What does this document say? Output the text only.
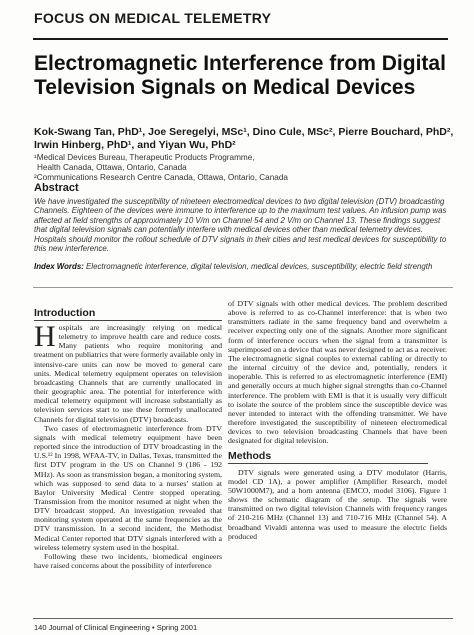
FOCUS ON MEDICAL TELEMETRY
Electromagnetic Interference from Digital Television Signals on Medical Devices
Kok-Swang Tan, PhD¹, Joe Seregelyi, MSc¹, Dino Cule, MSc², Pierre Bouchard, PhD², Irwin Hinberg, PhD¹, and Yiyan Wu, PhD²
¹Medical Devices Bureau, Therapeutic Products Programme,
Health Canada, Ottawa, Ontario, Canada
²Communications Research Centre Canada, Ottawa, Ontario, Canada
Abstract
We have investigated the susceptibility of nineteen electromedical devices to two digital television (DTV) broadcasting Channels. Eighteen of the devices were immune to interference up to the maximum test values. An infusion pump was affected at field strengths of approximately 10 V/m on Channel 54 and 2 V/m on Channel 13. These findings suggest that digital television signals can potentially interfere with medical devices other than medical telemetry devices. Hospitals should monitor the rollout schedule of DTV signals in their cities and test medical devices for susceptibility to this new interference.
Index Words: Electromagnetic interference, digital television, medical devices, susceptibility, electric field strength
Introduction

Hospitals are increasingly relying on medical telemetry to improve health care and reduce costs. Many patients who require monitoring and treatment on publiatrics that were formerly available only in intensive-care units can now be moved to general care units. Medical telemetry equipment operates on television broadcasting Channels that are currently unallocated in their geographic area. The potential for interference with medical telemetry equipment will increase substantially as television services start to use these formerly unallocated Channels for digital television (DTV) broadcasts.

Two cases of electromagnetic interference from DTV signals with medical telemetry equipment have been reported since the introduction of DTV broadcasting in the U.S.¹² In 1998, WFAA-TV, in Dallas, Texas, transmitted the first DTV program in the US on Channel 9 (186 - 192 MHz). As soon as transmission began, a monitoring system, which was supposed to send data to a nurses’ station at Baylor University Medical Centre stopped operating. Transmission from the monitor resumed at night when the DTV broadcast stopped. An investigation revealed that monitoring system operated at the same frequencies as the DTV transmission. In a second incident, the Methodist Medical Center reported that DTV signals interfered with a wireless telemetry system used in the hospital.

Following these two incidents, biomedical engineers have raised concerns about the possibility of interference

of DTV signals with other medical devices. The problem described above is referred to as co-Channel interference: that is when two transmitters radiate in the same frequency band and overwhelm a receiver expecting only one of the signals. Another more significant form of interference occurs when the signal from a transmitter is superimposed on a device that was never designed to act as a receiver. The electromagnetic signal couples to external cabling or directly to the internal circuitry of the device and, potentially, renders it inoperable. This is referred to as electromagnetic interference (EMI) and generally occurs at much higher signal strengths than co-Channel interference. The problem with EMI is that it is usually very difficult to isolate the source of the problem since the susceptible device was never intended to interact with the offending transmitter. We have therefore investigated the susceptibility of nineteen electromedical devices to two television broadcasting Channels that have been designated for digital television.

Methods

DTV signals were generated using a DTV modulator (Harris, model CD 1A), a power amplifier (Amplifier Research, model 50W1000M7), and a horn antenna (EMCO, model 3106). Figure 1 shows the schematic diagram of the setup. The signals were transmitted on two digital television Channels with frequency ranges of 210-216 MHz (Channel 13) and 710-716 MHz (Channel 54). A broadband Vivaldi antenna was used to measure the electric fields produced

140 Journal of Clinical Engineering • Spring 2001
